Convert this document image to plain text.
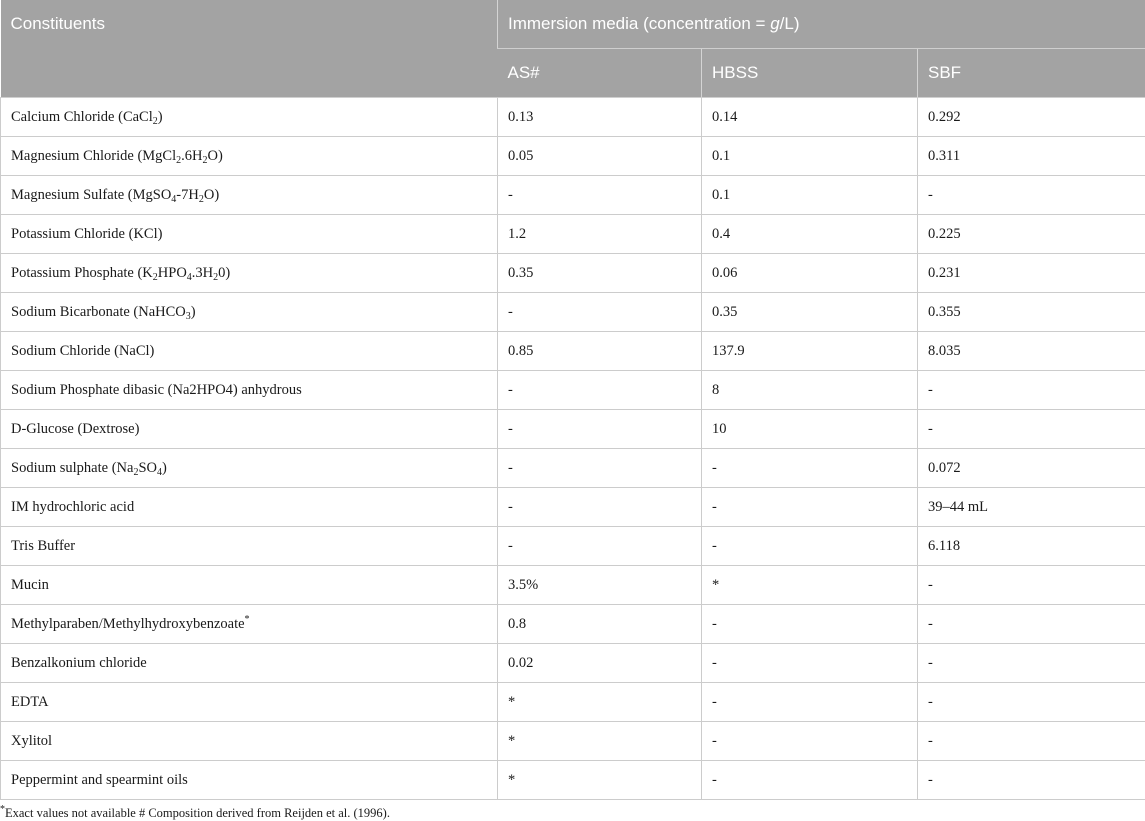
Constituents	Immersion media (concentration = g/L)		
	AS#	HBSS	SBF
Calcium Chloride (CaCl$_2$)	0.13	0.14	0.292
Magnesium Chloride $(MgCl_2.6H_2O)$	0.05	0.1	0.311
Magnesium Sulfate $(MgSO_4-7H_2O)$	-	0.1	-
Potassium Chloride (KCl)	1.2	0.4	0.225
Potassium Phosphate $(K_2HPO_4.3H_20)$	0.35	0.06	0.231
Sodium Bicarbonate (NaHCO$_3$)	-	0.35	0.355
Sodium Chloride (NaCl)	0.85	137.9	8.035
Sodium Phosphate dibasic (Na2HPO4) anhydrous	-	8	-
D-Glucose (Dextrose)	-	10	-
Sodium sulphate $(Na_2SO_4)$	-	-	0.072
IM hydrochloric acid	-	-	39–44 mL
Tris Buffer	-	-	6.118
Mucin	3.5%	*	-
Methylparaben/Methylhydroxybenzoate*	0.8	-	-
Benzalkonium chloride	0.02	-	-
EDTA	*	-	-
Xylitol	*	-	-
Peppermint and spearmint oils	*	-	-
*Exact values not available # Composition derived from Reijden et al. (1996).
